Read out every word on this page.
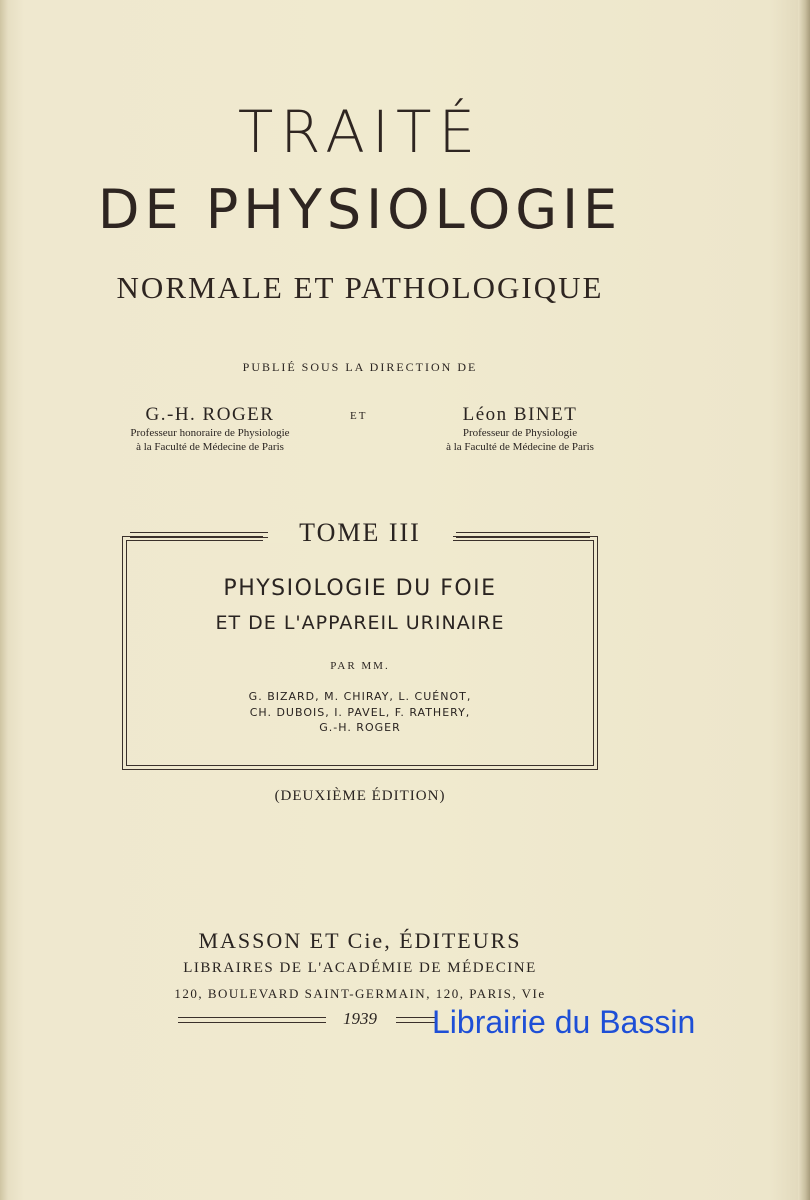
TRAITÉ
DE PHYSIOLOGIE
NORMALE ET PATHOLOGIQUE
PUBLIÉ SOUS LA DIRECTION DE
G.-H. ROGER
Professeur honoraire de Physiologie
à la Faculté de Médecine de Paris
ET	Léon BINET
Professeur de Physiologie
à la Faculté de Médecine de Paris
TOME III
PHYSIOLOGIE DU FOIE
ET DE L'APPAREIL URINAIRE
PAR MM.
G. BIZARD, M. CHIRAY, L. CUÉNOT,
CH. DUBOIS, I. PAVEL, F. RATHERY,
G.-H. ROGER
(DEUXIÈME ÉDITION)
MASSON ET Cie, ÉDITEURS
LIBRAIRES DE L'ACADÉMIE DE MÉDECINE
120, BOULEVARD SAINT-GERMAIN, 120, PARIS, VIe
1939	Librairie du Bassin
